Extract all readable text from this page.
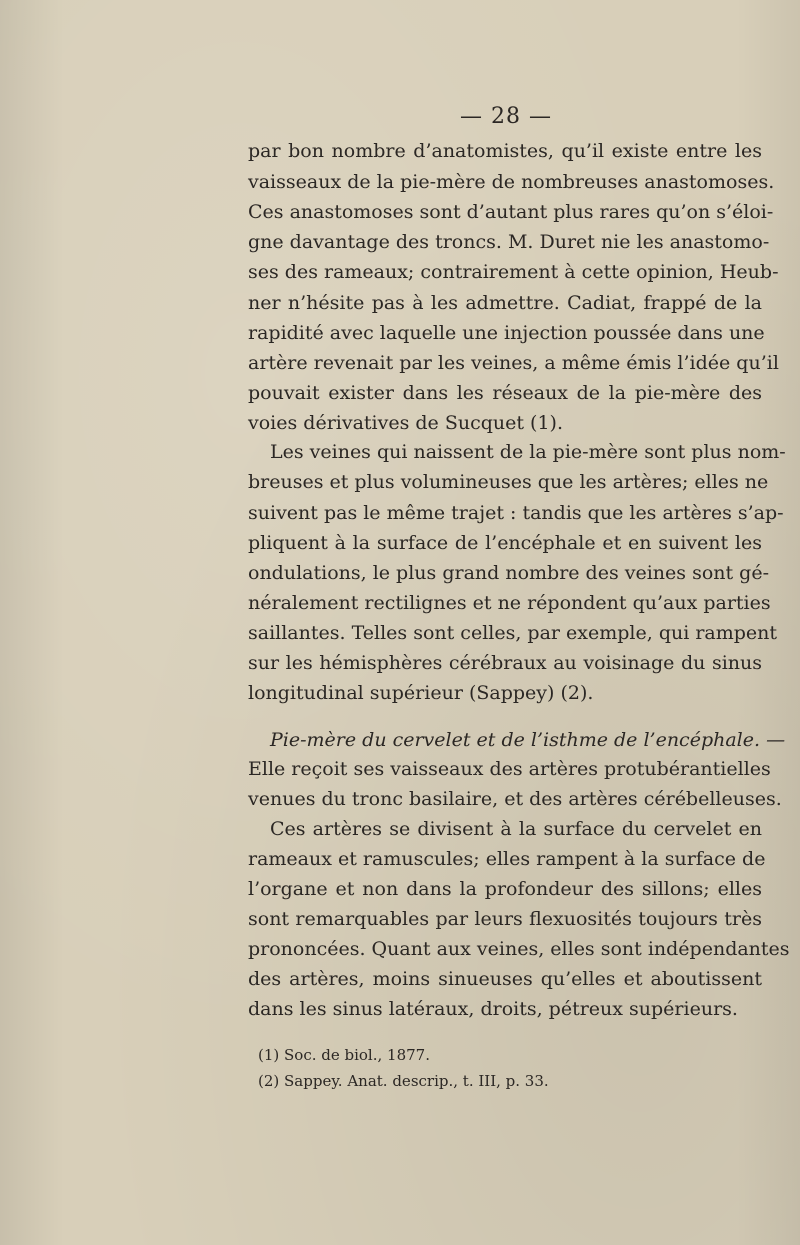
— 28 —
par bon nombre d’anatomistes, qu’il existe entre les
vaisseaux de la pie-mère de nombreuses anastomoses.
Ces anastomoses sont d’autant plus rares qu’on s’éloi-
gne davantage des troncs. M. Duret nie les anastomo-
ses des rameaux; contrairement à cette opinion, Heub-
ner n’hésite pas à les admettre. Cadiat, frappé de la
rapidité avec laquelle une injection poussée dans une
artère revenait par les veines, a même émis l’idée qu’il
pouvait exister dans les réseaux de la pie-mère des
voies dérivatives de Sucquet (1).
Les veines qui naissent de la pie-mère sont plus nom-
breuses et plus volumineuses que les artères; elles ne
suivent pas le même trajet : tandis que les artères s’ap-
pliquent à la surface de l’encéphale et en suivent les
ondulations, le plus grand nombre des veines sont gé-
néralement rectilignes et ne répondent qu’aux parties
saillantes. Telles sont celles, par exemple, qui rampent
sur les hémisphères cérébraux au voisinage du sinus
longitudinal supérieur (Sappey) (2).
Pie-mère du cervelet et de l’isthme de l’encéphale. —
Elle reçoit ses vaisseaux des artères protubérantielles
venues du tronc basilaire, et des artères cérébelleuses.
Ces artères se divisent à la surface du cervelet en
rameaux et ramuscules; elles rampent à la surface de
l’organe et non dans la profondeur des sillons; elles
sont remarquables par leurs flexuosités toujours très
prononcées. Quant aux veines, elles sont indépendantes
des artères, moins sinueuses qu’elles et aboutissent
dans les sinus latéraux, droits, pétreux supérieurs.
(1) Soc. de biol., 1877.
(2) Sappey. Anat. descrip., t. III, p. 33.
